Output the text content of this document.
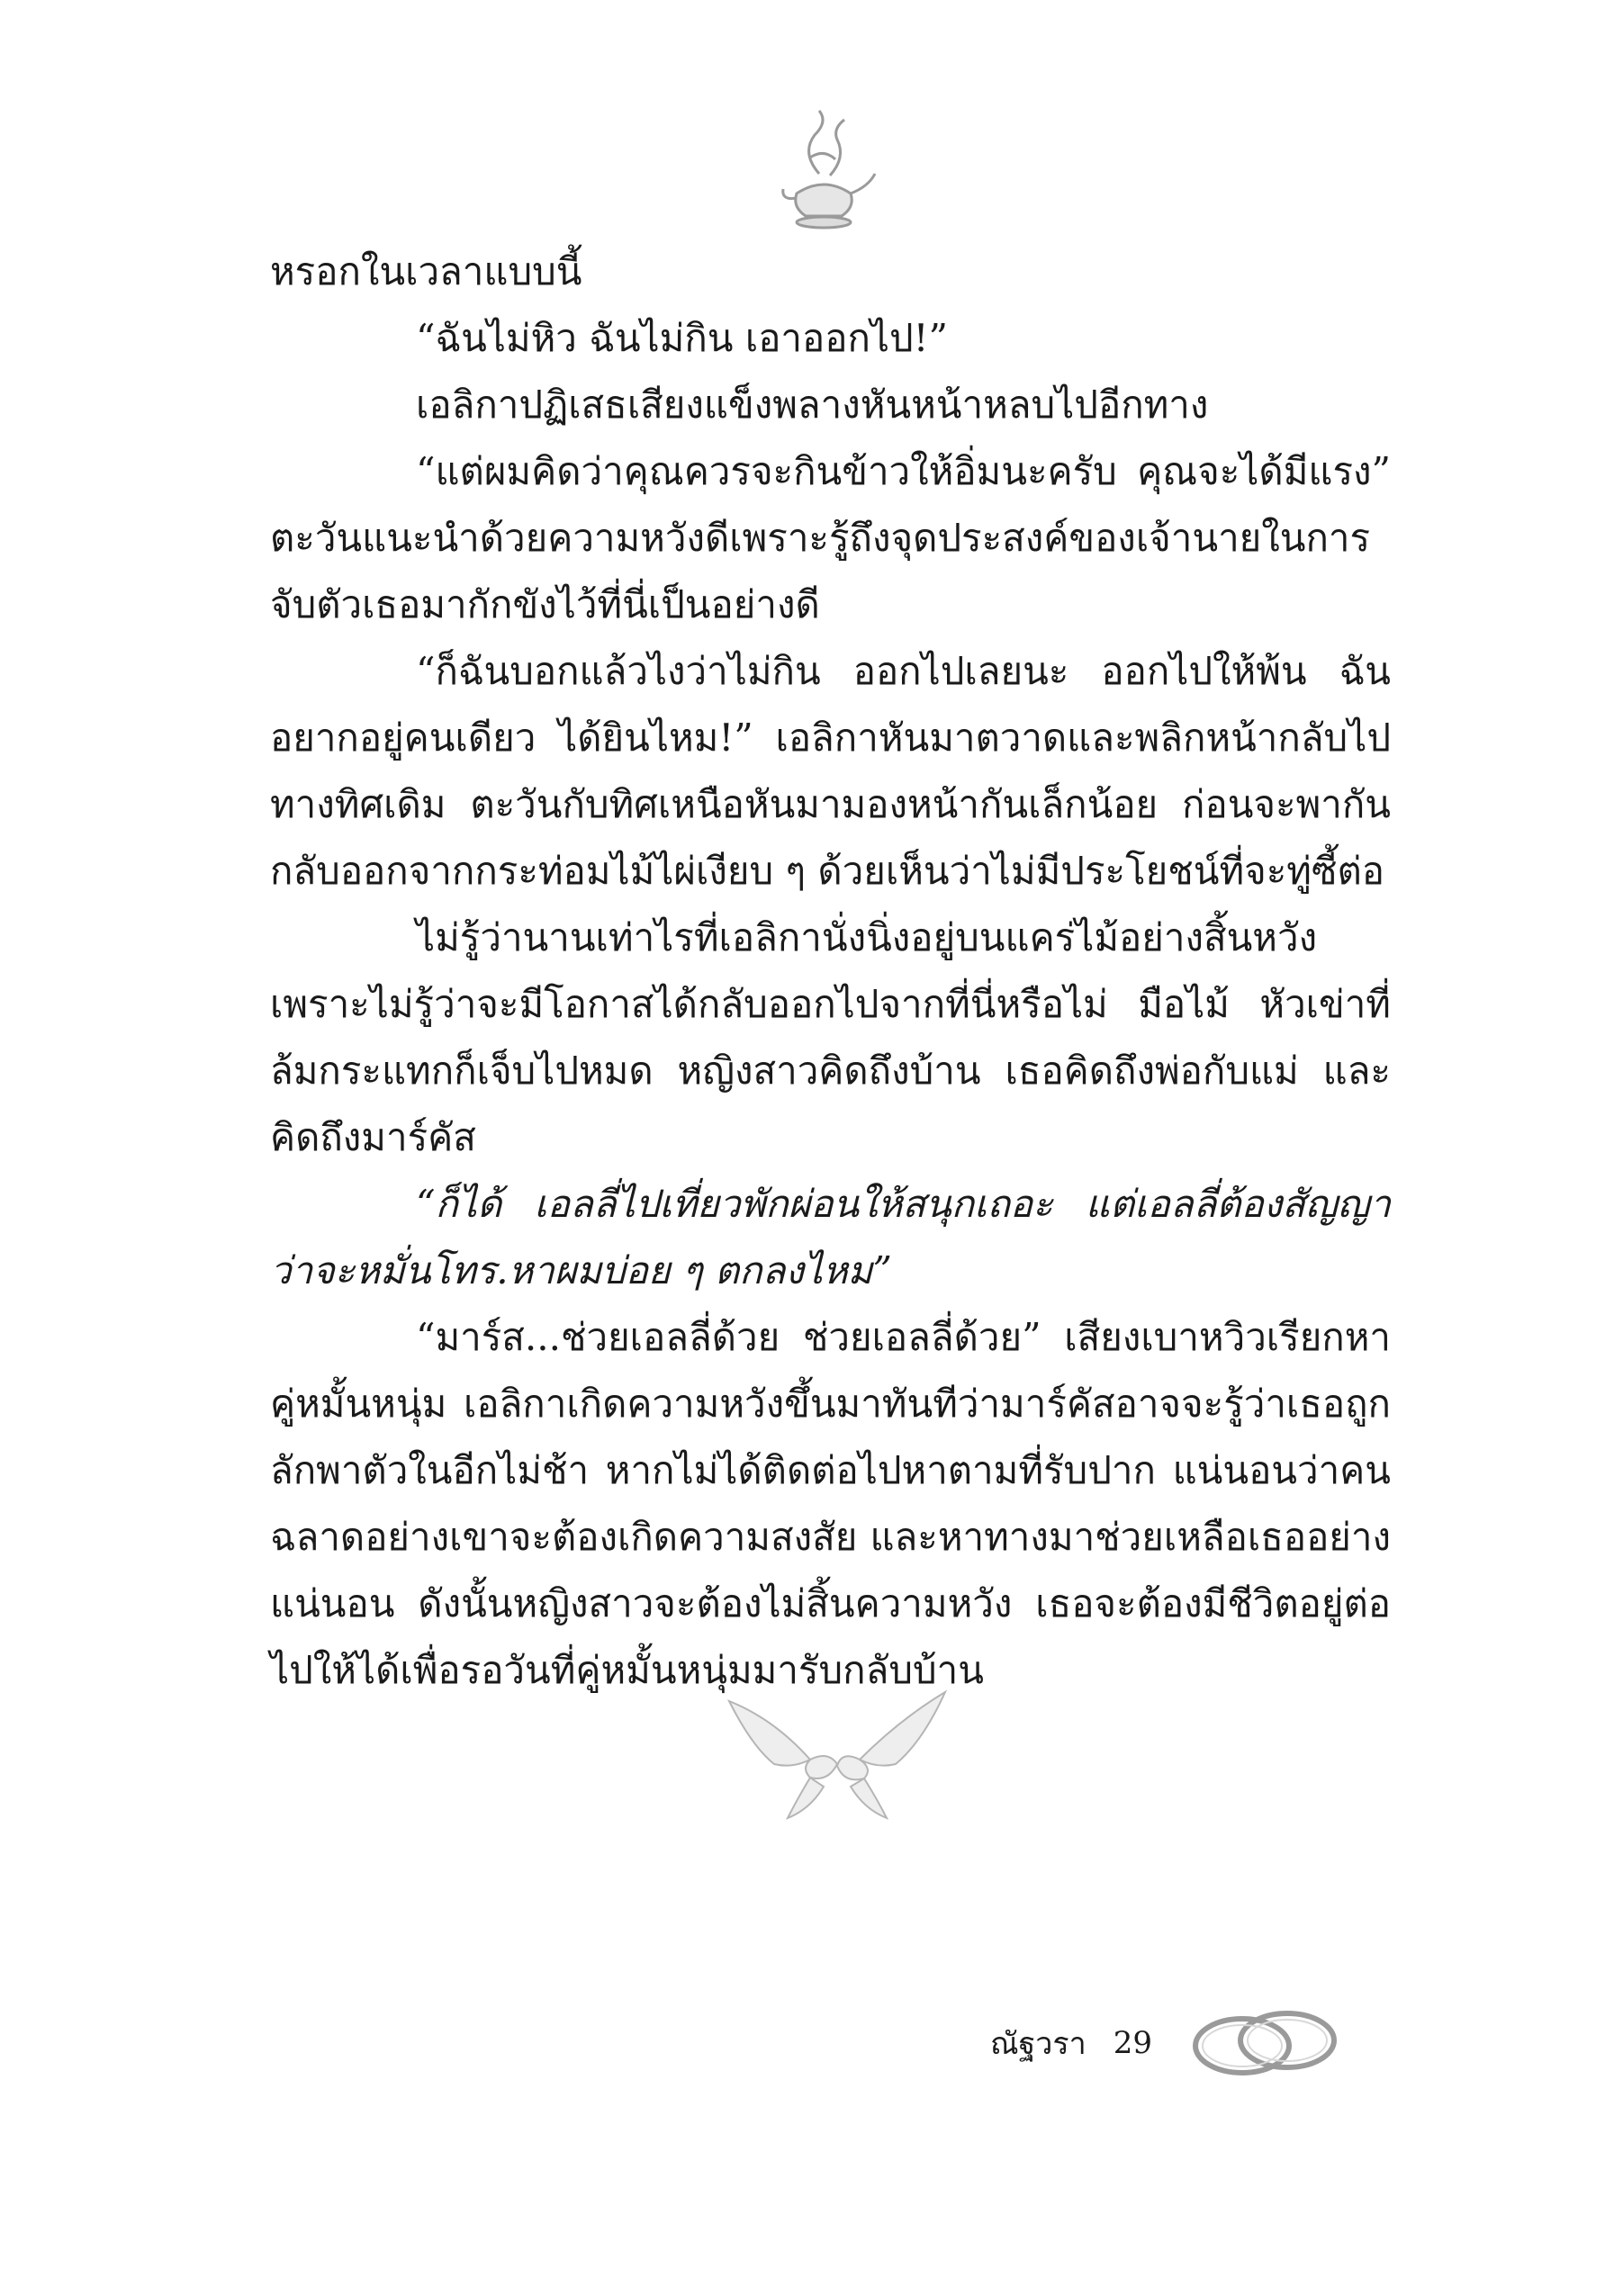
หรอกในเวลาแบบนี้

“ฉันไม่หิว ฉันไม่กิน เอาออกไป!”

เอลิกาปฏิเสธเสียงแข็งพลางหันหน้าหลบไปอีกทาง

“แต่ผมคิดว่าคุณควรจะกินข้าวให้อิ่มนะครับ คุณจะได้มีแรง” ตะวันแนะนำด้วยความหวังดีเพราะรู้ถึงจุดประสงค์ของเจ้านายในการจับตัวเธอมากักขังไว้ที่นี่เป็นอย่างดี

“ก็ฉันบอกแล้วไงว่าไม่กิน ออกไปเลยนะ ออกไปให้พ้น ฉันอยากอยู่คนเดียว ได้ยินไหม!” เอลิกาหันมาตวาดและพลิกหน้ากลับไปทางทิศเดิม ตะวันกับทิศเหนือหันมามองหน้ากันเล็กน้อย ก่อนจะพากันกลับออกจากกระท่อมไม้ไผ่เงียบ ๆ ด้วยเห็นว่าไม่มีประโยชน์ที่จะทู่ซี้ต่อ

ไม่รู้ว่านานเท่าไรที่เอลิกานั่งนิ่งอยู่บนแคร่ไม้อย่างสิ้นหวัง เพราะไม่รู้ว่าจะมีโอกาสได้กลับออกไปจากที่นี่หรือไม่ มือไม้ หัวเข่าที่ล้มกระแทกก็เจ็บไปหมด หญิงสาวคิดถึงบ้าน เธอคิดถึงพ่อกับแม่ และคิดถึงมาร์คัส

“ก็ได้ เอลลี่ไปเที่ยวพักผ่อนให้สนุกเถอะ แต่เอลลี่ต้องสัญญาว่าจะหมั่นโทร.หาผมบ่อย ๆ ตกลงไหม”

“มาร์ส...ช่วยเอลลี่ด้วย ช่วยเอลลี่ด้วย” เสียงเบาหวิวเรียกหาคู่หมั้นหนุ่ม เอลิกาเกิดความหวังขึ้นมาทันทีว่ามาร์คัสอาจจะรู้ว่าเธอถูกลักพาตัวในอีกไม่ช้า หากไม่ได้ติดต่อไปหาตามที่รับปาก แน่นอนว่าคนฉลาดอย่างเขาจะต้องเกิดความสงสัย และหาทางมาช่วยเหลือเธออย่างแน่นอน ดังนั้นหญิงสาวจะต้องไม่สิ้นความหวัง เธอจะต้องมีชีวิตอยู่ต่อไปให้ได้เพื่อรอวันที่คู่หมั้นหนุ่มมารับกลับบ้าน

ณัฐวรา 29
